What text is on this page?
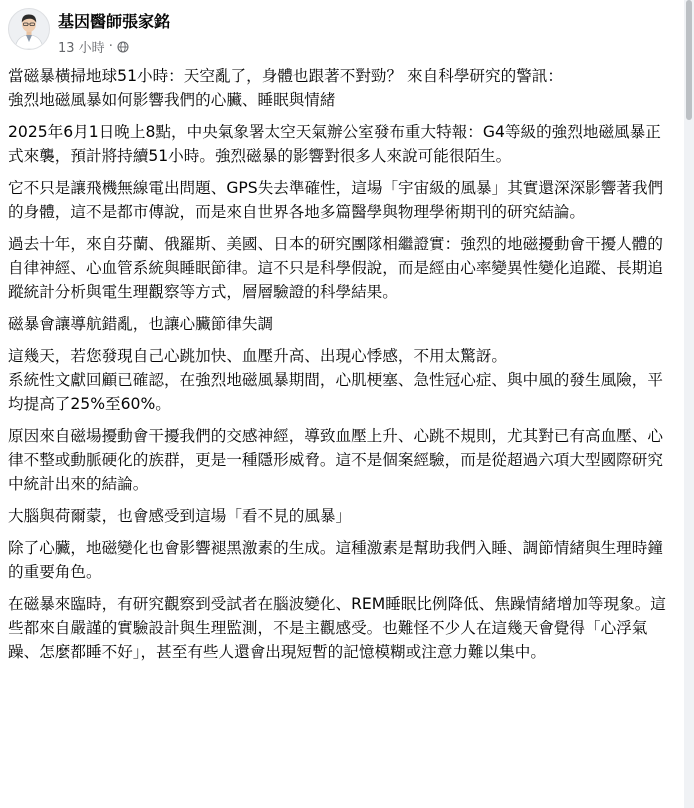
基因醫師張家銘
13 小時 ·

當磁暴橫掃地球51小時：天空亂了，身體也跟著不對勁？ 來自科學研究的警訊：
強烈地磁風暴如何影響我們的心臟、睡眠與情緒

2025年6月1日晚上8點，中央氣象署太空天氣辦公室發布重大特報：G4等級的強烈地磁風暴正式來襲，預計將持續51小時。強烈磁暴的影響對很多人來說可能很陌生。

它不只是讓飛機無線電出問題、GPS失去準確性，這場「宇宙級的風暴」其實還深深影響著我們的身體，這不是都市傳說，而是來自世界各地多篇醫學與物理學術期刊的研究結論。

過去十年，來自芬蘭、俄羅斯、美國、日本的研究團隊相繼證實：強烈的地磁擾動會干擾人體的自律神經、心血管系統與睡眠節律。這不只是科學假說，而是經由心率變異性變化追蹤、長期追蹤統計分析與電生理觀察等方式，層層驗證的科學結果。

磁暴會讓導航錯亂，也讓心臟節律失調

這幾天，若您發現自己心跳加快、血壓升高、出現心悸感，不用太驚訝。
系統性文獻回顧已確認，在強烈地磁風暴期間，心肌梗塞、急性冠心症、與中風的發生風險，平均提高了25%至60%。

原因來自磁場擾動會干擾我們的交感神經，導致血壓上升、心跳不規則，尤其對已有高血壓、心律不整或動脈硬化的族群，更是一種隱形威脅。這不是個案經驗，而是從超過六項大型國際研究中統計出來的結論。

大腦與荷爾蒙，也會感受到這場「看不見的風暴」

除了心臟，地磁變化也會影響褪黑激素的生成。這種激素是幫助我們入睡、調節情緒與生理時鐘的重要角色。

在磁暴來臨時，有研究觀察到受試者在腦波變化、REM睡眠比例降低、焦躁情緒增加等現象。這些都來自嚴謹的實驗設計與生理監測，不是主觀感受。也難怪不少人在這幾天會覺得「心浮氣躁、怎麼都睡不好」，甚至有些人還會出現短暫的記憶模糊或注意力難以集中。
